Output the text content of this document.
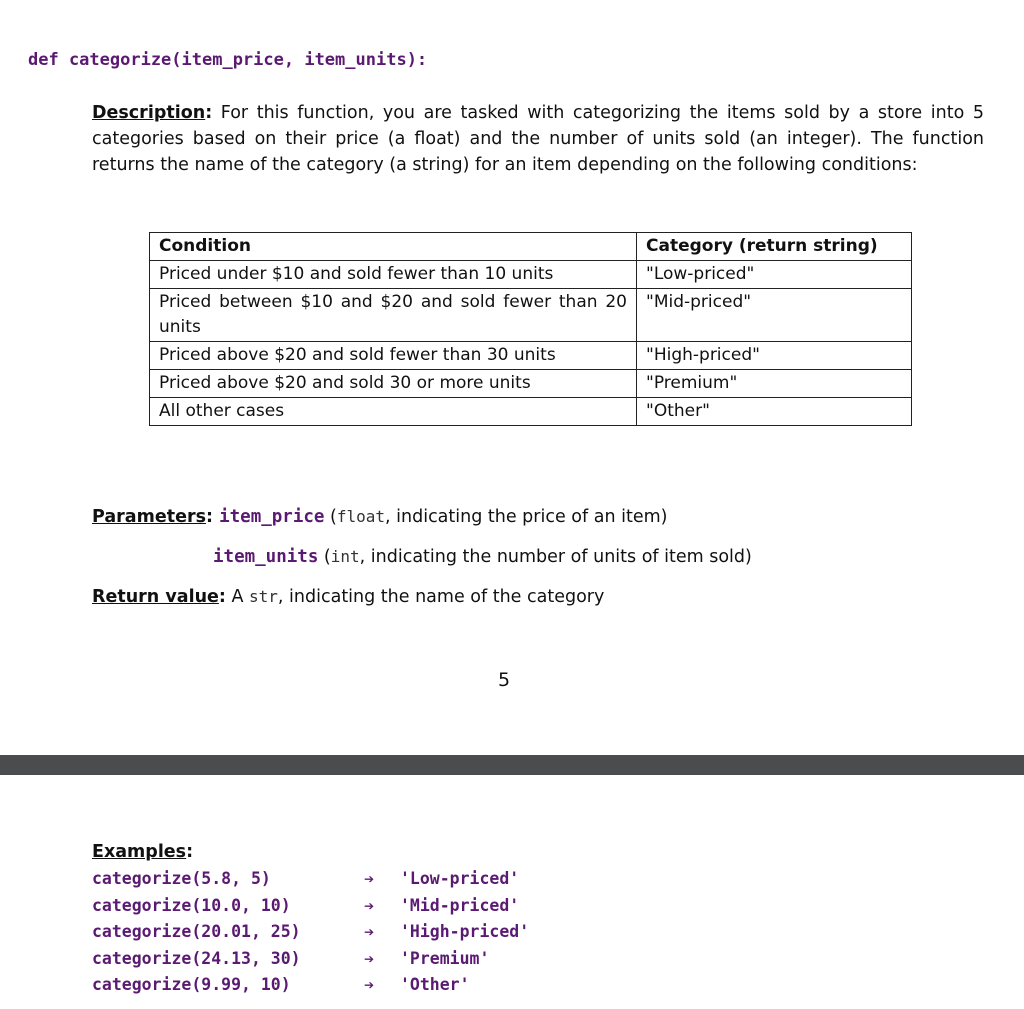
def categorize(item_price, item_units):
Description: For this function, you are tasked with categorizing the items sold by a store into 5 categories based on their price (a float) and the number of units sold (an integer). The function returns the name of the category (a string) for an item depending on the following conditions:
Condition	Category (return string)
Priced under $10 and sold fewer than 10 units	"Low-priced"
Priced between $10 and $20 and sold fewer than 20 units	"Mid-priced"
Priced above $20 and sold fewer than 30 units	"High-priced"
Priced above $20 and sold 30 or more units	"Premium"
All other cases	"Other"
Parameters: item_price (float, indicating the price of an item)
item_units (int, indicating the number of units of item sold)
Return value: A str, indicating the name of the category
5
Examples:
categorize(5.8, 5)	➔ 'Low-priced'
categorize(10.0, 10)	➔ 'Mid-priced'
categorize(20.01, 25)	➔ 'High-priced'
categorize(24.13, 30)	➔ 'Premium'
categorize(9.99, 10)	➔ 'Other'
